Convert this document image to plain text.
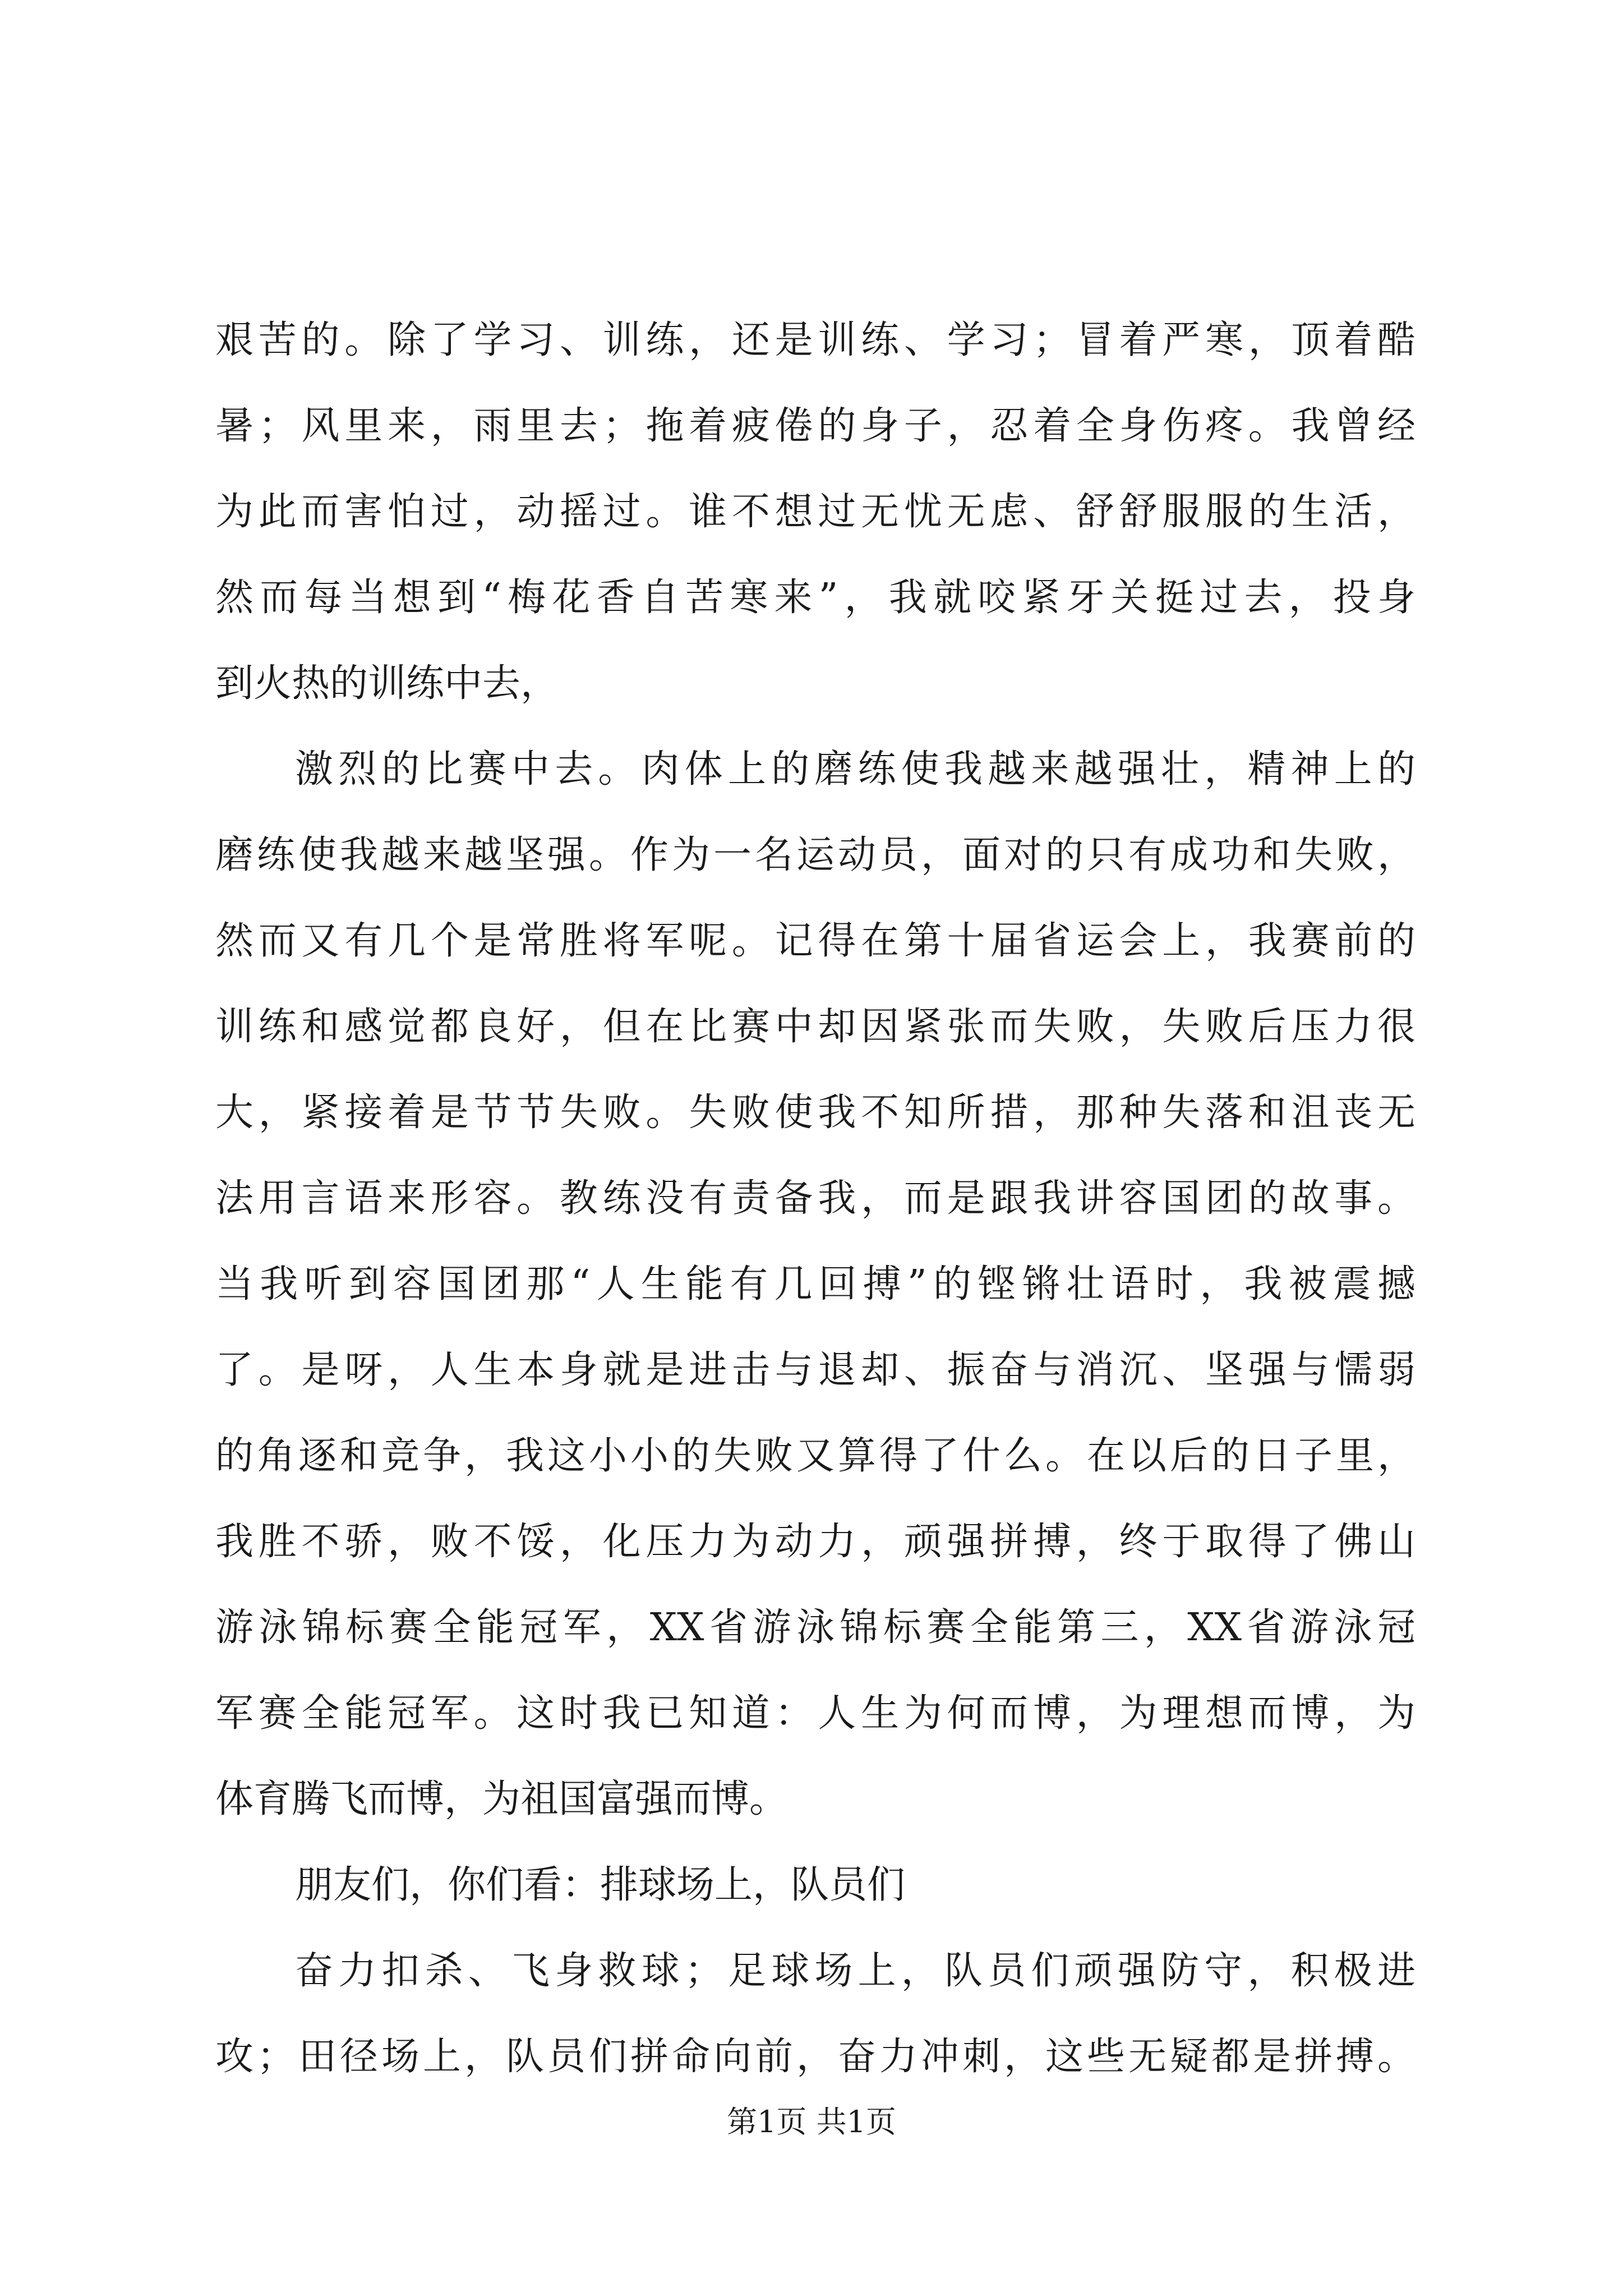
艰苦的。除了学习、训练，还是训练、学习；冒着严寒，顶着酷
暑；风里来，雨里去；拖着疲倦的身子，忍着全身伤疼。我曾经
为此而害怕过，动摇过。谁不想过无忧无虑、舒舒服服的生活，
然而每当想到“梅花香自苦寒来”，我就咬紧牙关挺过去，投身
到火热的训练中去，
激烈的比赛中去。肉体上的磨练使我越来越强壮，精神上的
磨练使我越来越坚强。作为一名运动员，面对的只有成功和失败，
然而又有几个是常胜将军呢。记得在第十届省运会上，我赛前的
训练和感觉都良好，但在比赛中却因紧张而失败，失败后压力很
大，紧接着是节节失败。失败使我不知所措，那种失落和沮丧无
法用言语来形容。教练没有责备我，而是跟我讲容国团的故事。
当我听到容国团那“人生能有几回搏”的铿锵壮语时，我被震撼
了。是呀，人生本身就是进击与退却、振奋与消沉、坚强与懦弱
的角逐和竞争，我这小小的失败又算得了什么。在以后的日子里，
我胜不骄，败不馁，化压力为动力，顽强拼搏，终于取得了佛山
游泳锦标赛全能冠军，XX省游泳锦标赛全能第三，XX省游泳冠
军赛全能冠军。这时我已知道：人生为何而博，为理想而博，为
体育腾飞而博，为祖国富强而博。
朋友们，你们看：排球场上，队员们
奋力扣杀、飞身救球；足球场上，队员们顽强防守，积极进
攻；田径场上，队员们拼命向前，奋力冲刺，这些无疑都是拼搏。
第1页 共1页
